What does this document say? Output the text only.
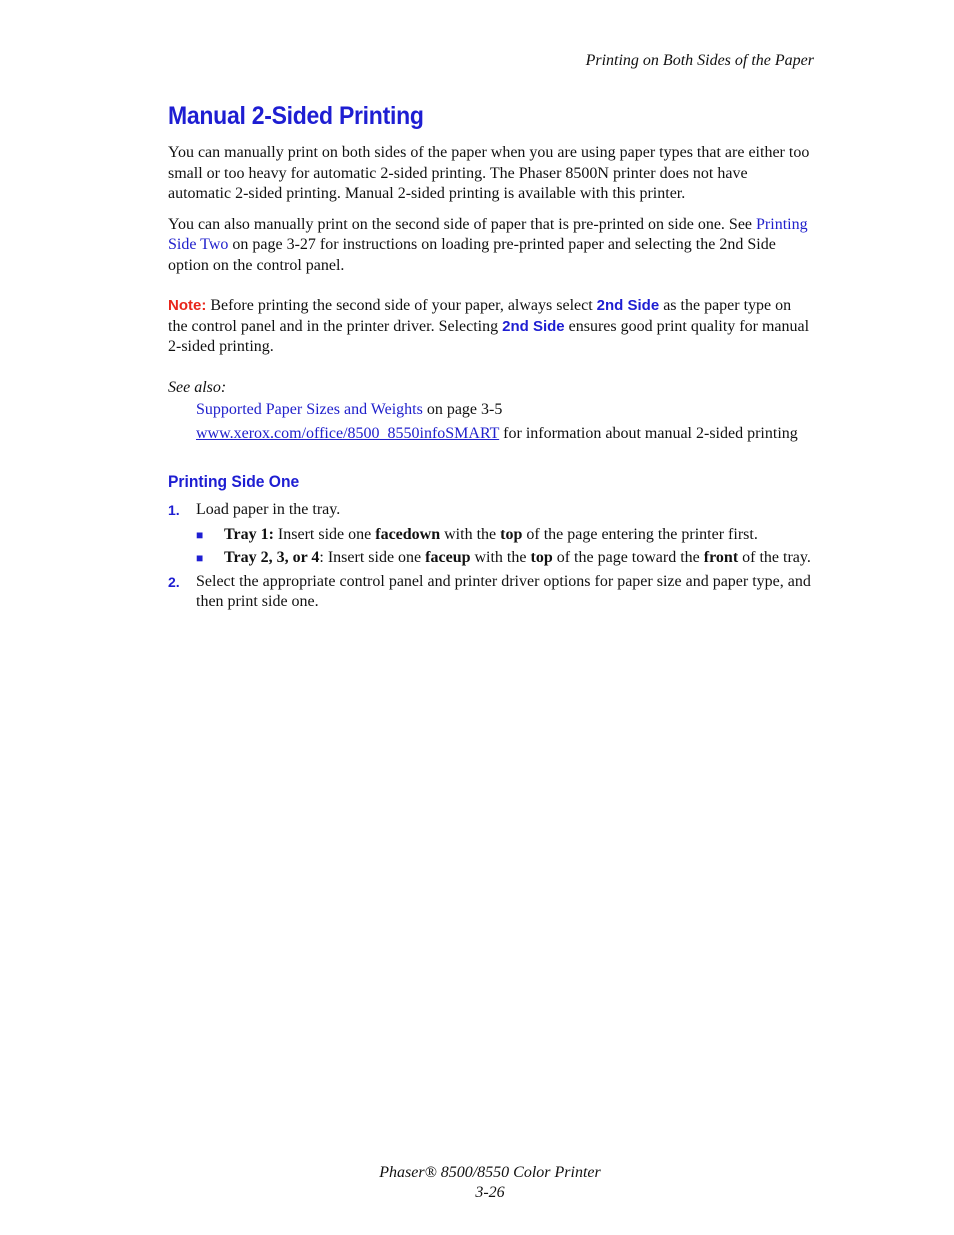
Printing on Both Sides of the Paper
Manual 2-Sided Printing

You can manually print on both sides of the paper when you are using paper types that are either too small or too heavy for automatic 2-sided printing. The Phaser 8500N printer does not have automatic 2-sided printing. Manual 2-sided printing is available with this printer.

You can also manually print on the second side of paper that is pre-printed on side one. See Printing Side Two on page 3-27 for instructions on loading pre-printed paper and selecting the 2nd Side option on the control panel.

Note: Before printing the second side of your paper, always select 2nd Side as the paper type on the control panel and in the printer driver. Selecting 2nd Side ensures good print quality for manual 2-sided printing.

See also:

Supported Paper Sizes and Weights on page 3-5

www.xerox.com/office/8500_8550infoSMART for information about manual 2-sided printing

Printing Side One
1.	Load paper in the tray.
■	Tray 1: Insert side one facedown with the top of the page entering the printer first.
■	Tray 2, 3, or 4: Insert side one faceup with the top of the page toward the front of the tray.
2.	Select the appropriate control panel and printer driver options for paper size and paper type, and then print side one.
Phaser® 8500/8550 Color Printer
3-26
